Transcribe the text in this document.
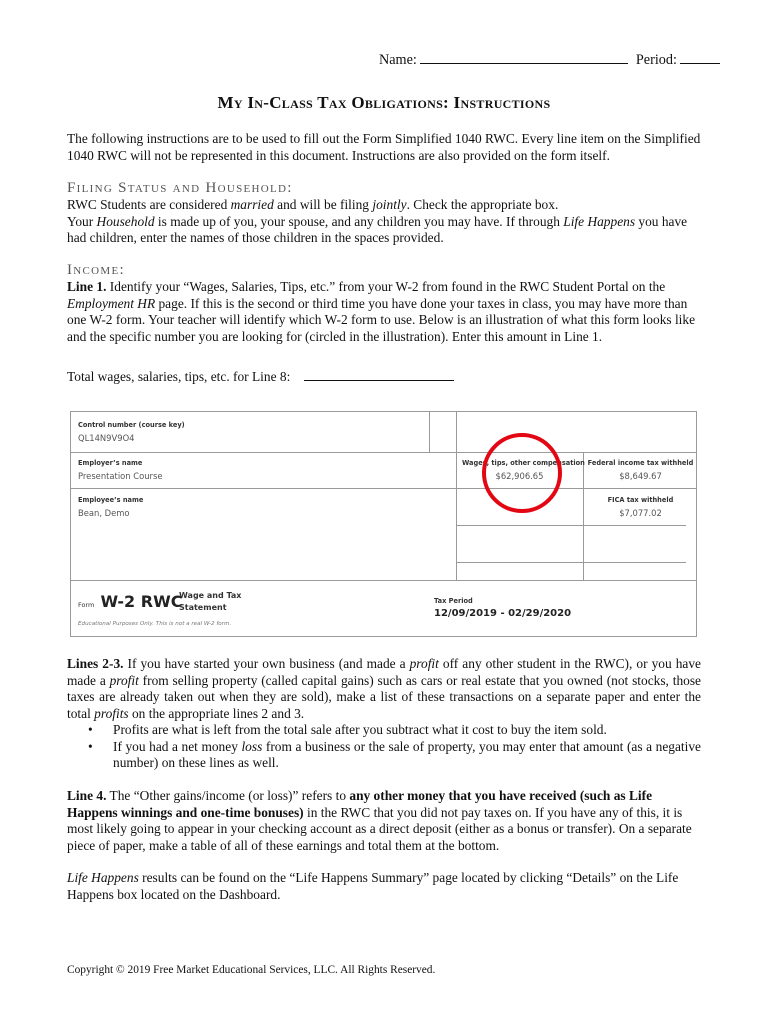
Name:	Period:
My In-Class Tax Obligations: Instructions
The following instructions are to be used to fill out the Form Simplified 1040 RWC. Every line item on the Simplified 1040 RWC will not be represented in this document. Instructions are also provided on the form itself.
Filing Status and Household:
RWC Students are considered married and will be filing jointly. Check the appropriate box.
Your Household is made up of you, your spouse, and any children you may have. If through Life Happens you have had children, enter the names of those children in the spaces provided.
Income:
Line 1. Identify your “Wages, Salaries, Tips, etc.” from your W-2 from found in the RWC Student Portal on the Employment HR page. If this is the second or third time you have done your taxes in class, you may have more than one W-2 form. Your teacher will identify which W-2 form to use. Below is an illustration of what this form looks like and the specific number you are looking for (circled in the illustration). Enter this amount in Line 1.
Total wages, salaries, tips, etc. for Line 8:
Control number (course key)
QL14N9V9O4
Employer’s name
Presentation Course
Wages, tips, other compensation
$62,906.65
Federal income tax withheld
$8,649.67
Employee’s name
Bean, Demo
FICA tax withheld
$7,077.02
Form W-2 RWC
Wage and Tax
Statement
Educational Purposes Only. This is not a real W-2 form.
Tax Period
12/09/2019 - 02/29/2020
Lines 2-3. If you have started your own business (and made a profit off any other student in the RWC), or you have made a profit from selling property (called capital gains) such as cars or real estate that you owned (not stocks, those taxes are already taken out when they are sold), make a list of these transactions on a separate paper and enter the total profits on the appropriate lines 2 and 3.
• Profits are what is left from the total sale after you subtract what it cost to buy the item sold.
• If you had a net money loss from a business or the sale of property, you may enter that amount (as a negative number) on these lines as well.
Line 4. The “Other gains/income (or loss)” refers to any other money that you have received (such as Life Happens winnings and one-time bonuses) in the RWC that you did not pay taxes on. If you have any of this, it is most likely going to appear in your checking account as a direct deposit (either as a bonus or transfer). On a separate piece of paper, make a table of all of these earnings and total them at the bottom.
Life Happens results can be found on the “Life Happens Summary” page located by clicking “Details” on the Life Happens box located on the Dashboard.
Copyright © 2019 Free Market Educational Services, LLC. All Rights Reserved.
